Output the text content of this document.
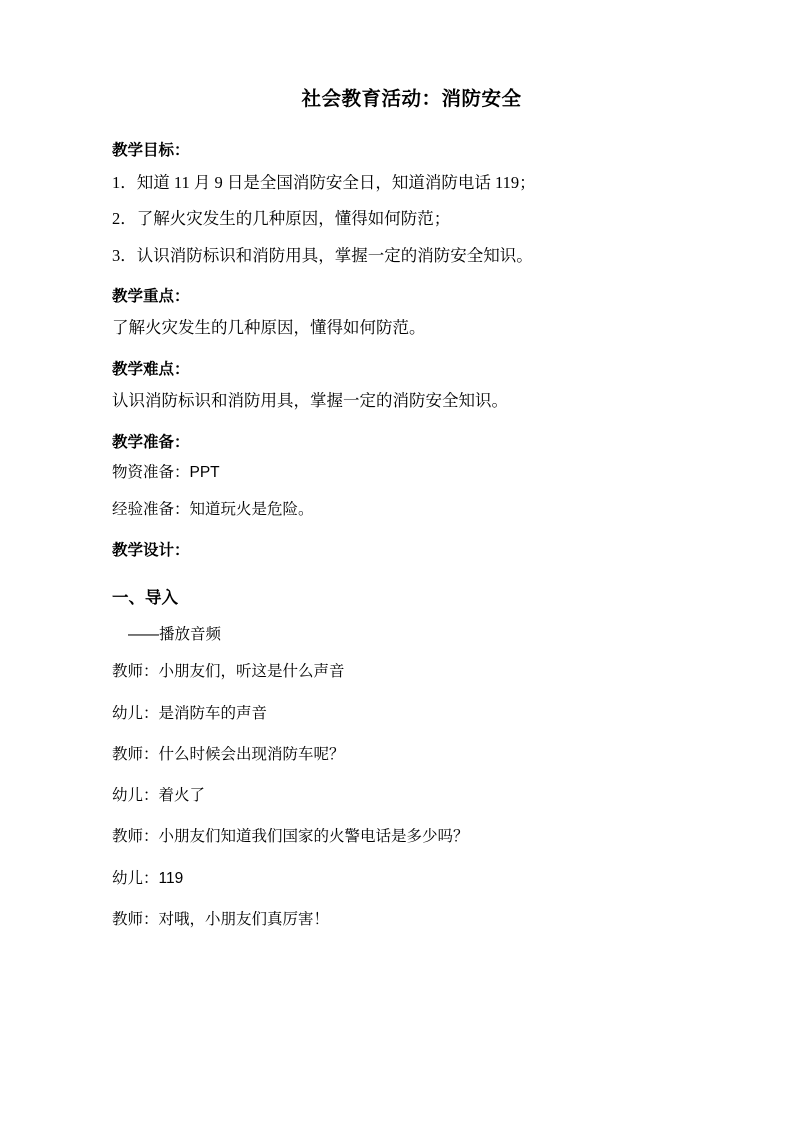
社会教育活动：消防安全
教学目标：

1．知道 11 月 9 日是全国消防安全日，知道消防电话 119；

2．了解火灾发生的几种原因，懂得如何防范；

3．认识消防标识和消防用具，掌握一定的消防安全知识。

教学重点：

了解火灾发生的几种原因，懂得如何防范。

教学难点：

认识消防标识和消防用具，掌握一定的消防安全知识。

教学准备：

物资准备：PPT

经验准备：知道玩火是危险。

教学设计：
一、导入
——播放音频

教师：小朋友们，听这是什么声音

幼儿：是消防车的声音

教师：什么时候会出现消防车呢？

幼儿：着火了

教师：小朋友们知道我们国家的火警电话是多少吗？

幼儿：119

教师：对哦，小朋友们真厉害！
